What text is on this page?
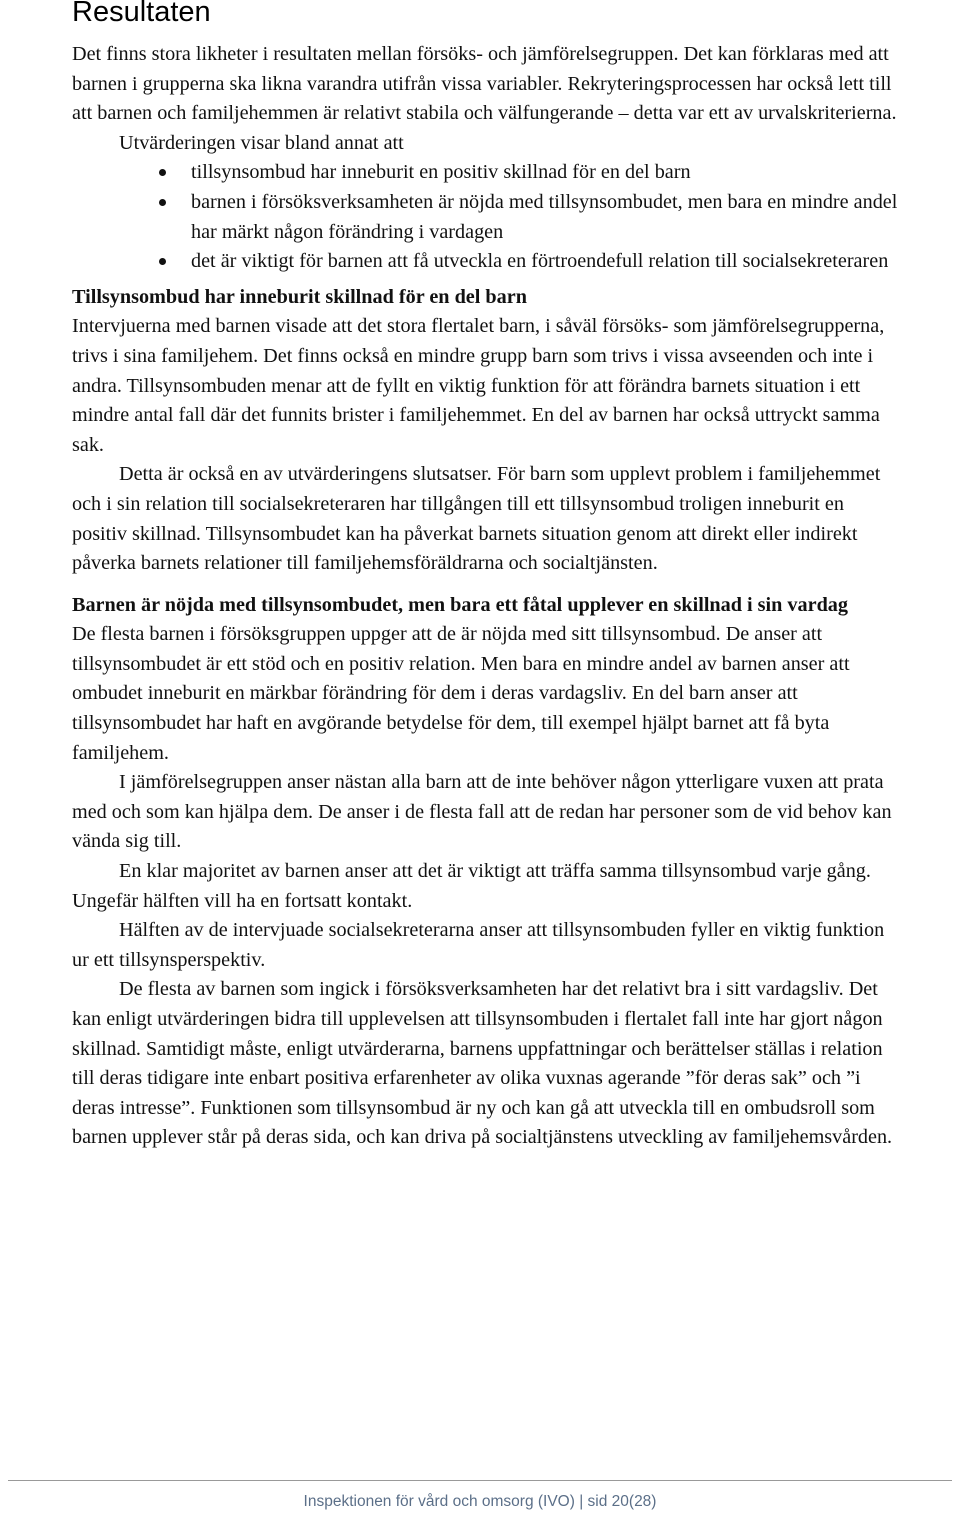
Resultaten

Det finns stora likheter i resultaten mellan försöks- och jämförelsegruppen. Det kan förklaras med att barnen i grupperna ska likna varandra utifrån vissa variabler. Rekryteringsprocessen har också lett till att barnen och familjehemmen är relativt stabila och välfungerande – detta var ett av urvalskriterierna.

Utvärderingen visar bland annat att

tillsynsombud har inneburit en positiv skillnad för en del barn
barnen i försöksverksamheten är nöjda med tillsynsombudet, men bara en mindre andel har märkt någon förändring i vardagen
det är viktigt för barnen att få utveckla en förtroendefull relation till socialsekreteraren
Tillsynsombud har inneburit skillnad för en del barn

Intervjuerna med barnen visade att det stora flertalet barn, i såväl försöks- som jämförelsegrupperna, trivs i sina familjehem. Det finns också en mindre grupp barn som trivs i vissa avseenden och inte i andra. Tillsynsombuden menar att de fyllt en viktig funktion för att förändra barnets situation i ett mindre antal fall där det funnits brister i familjehemmet. En del av barnen har också uttryckt samma sak.

Detta är också en av utvärderingens slutsatser. För barn som upplevt problem i familjehemmet och i sin relation till socialsekreteraren har tillgången till ett tillsynsombud troligen inneburit en positiv skillnad. Tillsynsombudet kan ha påverkat barnets situation genom att direkt eller indirekt påverka barnets relationer till familjehemsföräldrarna och socialtjänsten.

Barnen är nöjda med tillsynsombudet, men bara ett fåtal upplever en skillnad i sin vardag

De flesta barnen i försöksgruppen uppger att de är nöjda med sitt tillsynsombud. De anser att tillsynsombudet är ett stöd och en positiv relation. Men bara en mindre andel av barnen anser att ombudet inneburit en märkbar förändring för dem i deras vardagsliv. En del barn anser att tillsynsombudet har haft en avgörande betydelse för dem, till exempel hjälpt barnet att få byta familjehem.

I jämförelsegruppen anser nästan alla barn att de inte behöver någon ytterligare vuxen att prata med och som kan hjälpa dem. De anser i de flesta fall att de redan har personer som de vid behov kan vända sig till.

En klar majoritet av barnen anser att det är viktigt att träffa samma tillsynsombud varje gång. Ungefär hälften vill ha en fortsatt kontakt.

Hälften av de intervjuade socialsekreterarna anser att tillsynsombuden fyller en viktig funktion ur ett tillsynsperspektiv.

De flesta av barnen som ingick i försöksverksamheten har det relativt bra i sitt vardagsliv. Det kan enligt utvärderingen bidra till upplevelsen att tillsynsombuden i flertalet fall inte har gjort någon skillnad. Samtidigt måste, enligt utvärderarna, barnens uppfattningar och berättelser ställas i relation till deras tidigare inte enbart positiva erfarenheter av olika vuxnas agerande ”för deras sak” och ”i deras intresse”. Funktionen som tillsynsombud är ny och kan gå att utveckla till en ombudsroll som barnen upplever står på deras sida, och kan driva på socialtjänstens utveckling av familjehemsvården.

Inspektionen för vård och omsorg (IVO) | sid 20(28)
